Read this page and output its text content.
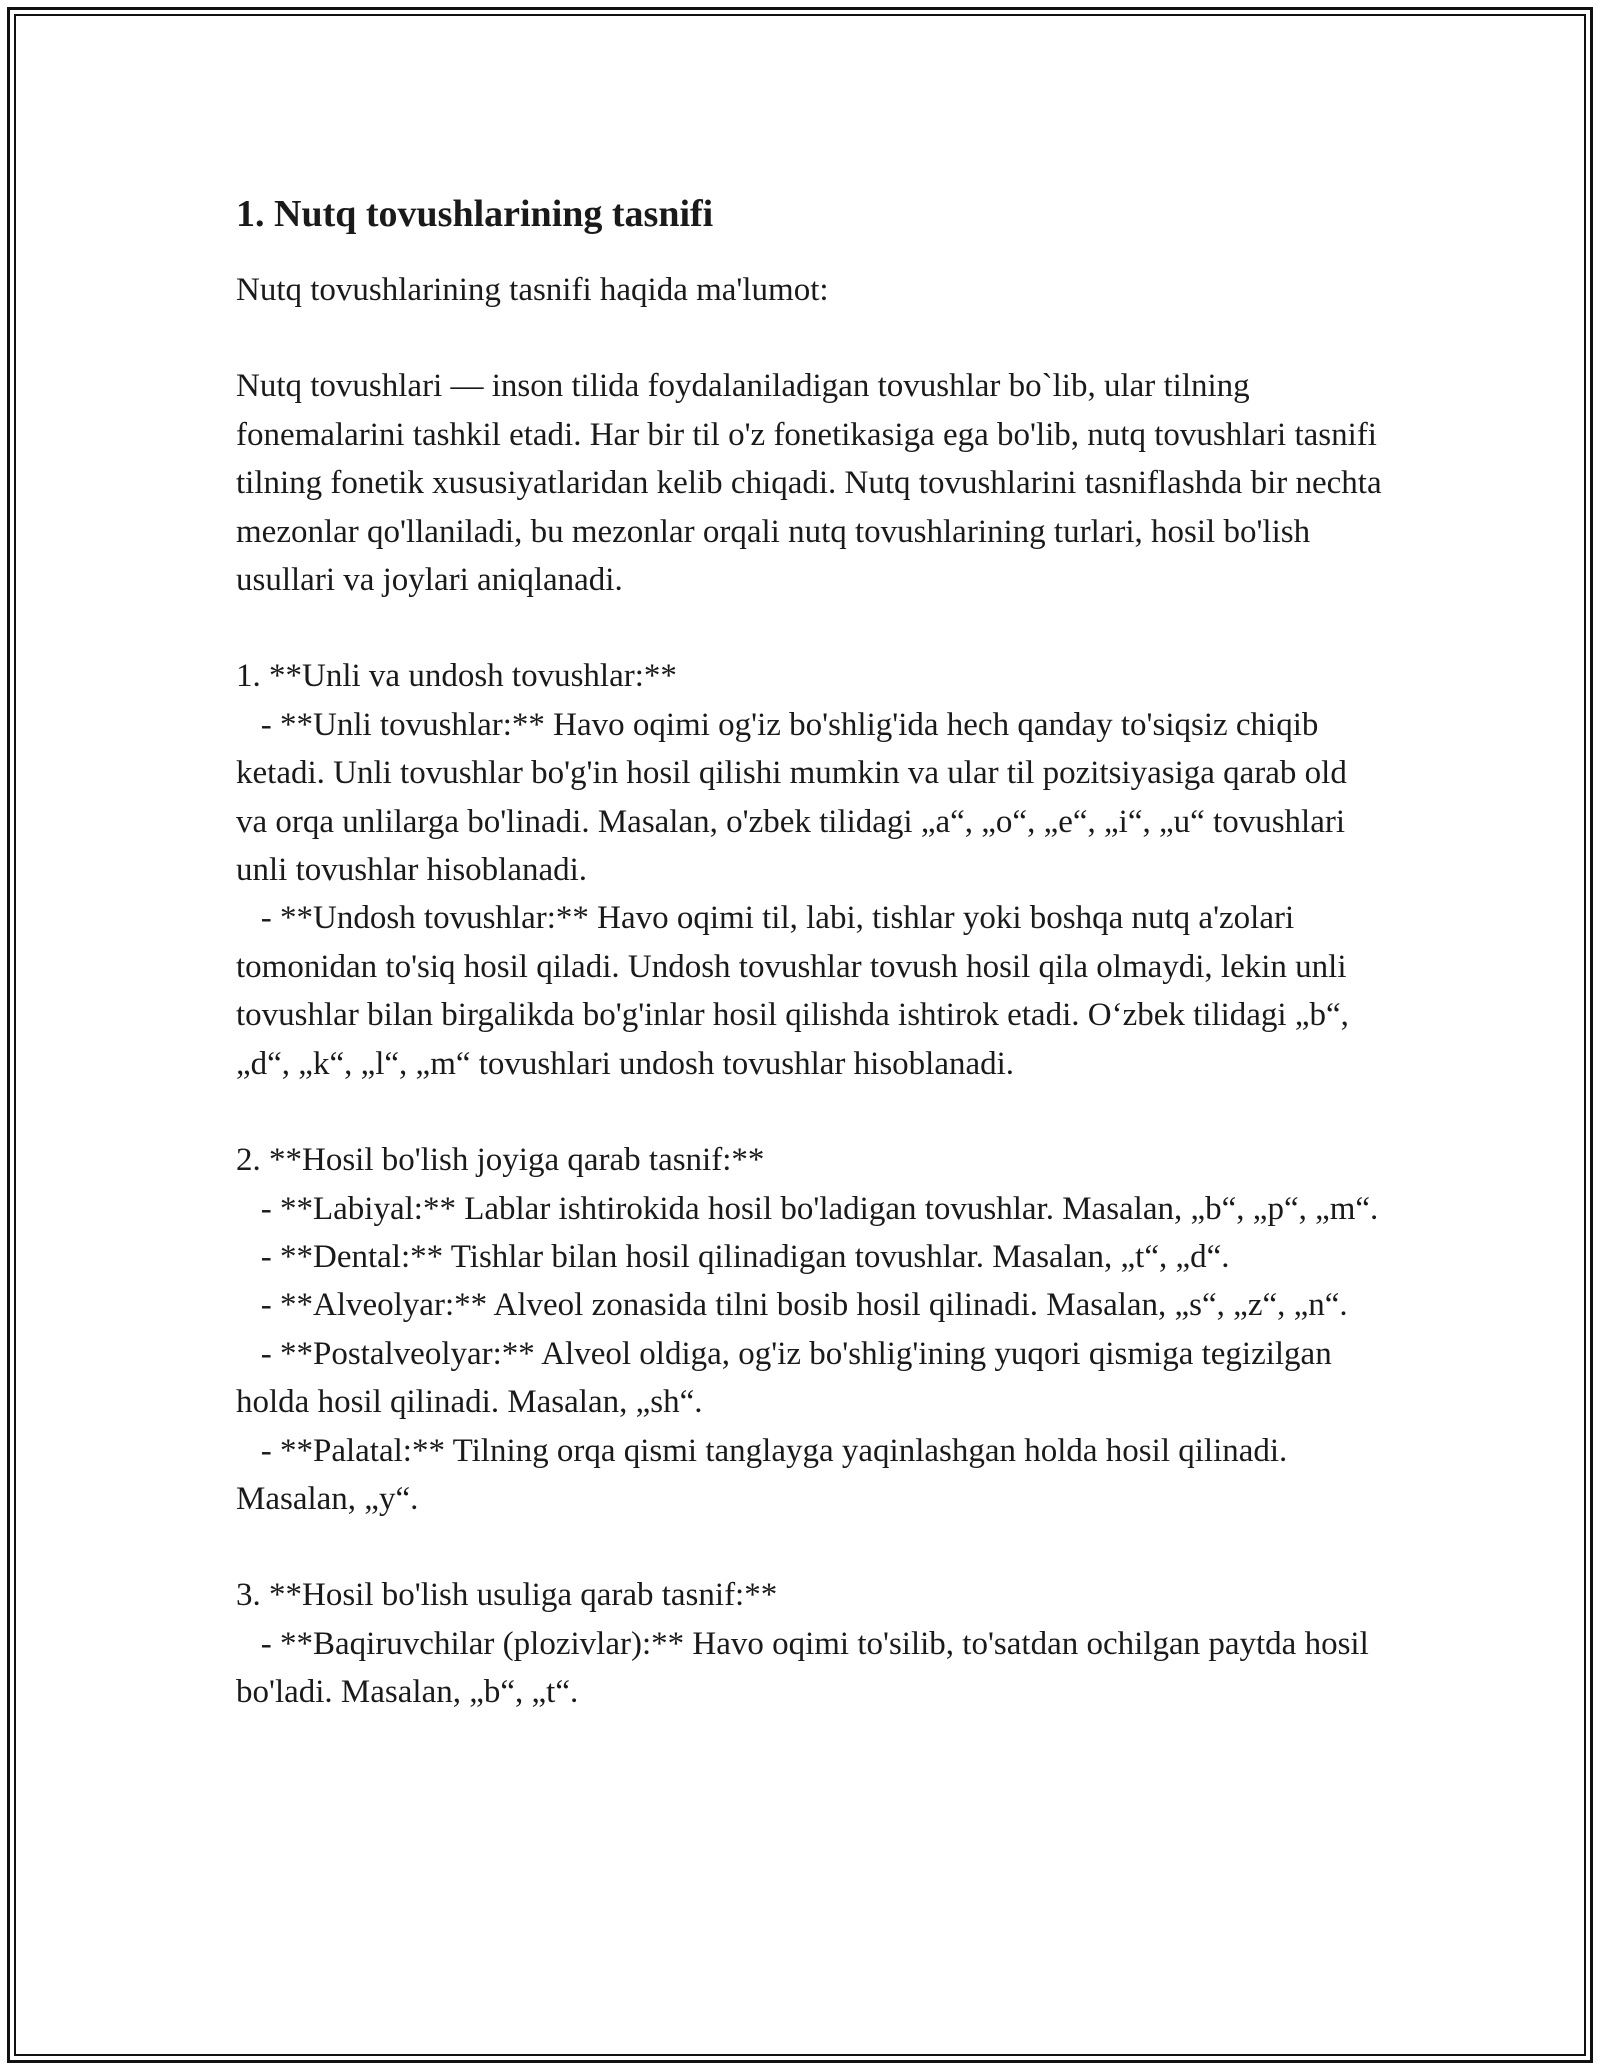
1. Nutq tovushlarining tasnifi

Nutq tovushlarining tasnifi haqida ma'lumot:

Nutq tovushlari — inson tilida foydalaniladigan tovushlar bo`lib, ular tilning fonemalarini tashkil etadi. Har bir til o'z fonetikasiga ega bo'lib, nutq tovushlari tasnifi tilning fonetik xususiyatlaridan kelib chiqadi. Nutq tovushlarini tasniflashda bir nechta mezonlar qo'llaniladi, bu mezonlar orqali nutq tovushlarining turlari, hosil bo'lish usullari va joylari aniqlanadi.

1. **Unli va undosh tovushlar:**
- **Unli tovushlar:** Havo oqimi og'iz bo'shlig'ida hech qanday to'siqsiz chiqib ketadi. Unli tovushlar bo'g'in hosil qilishi mumkin va ular til pozitsiyasiga qarab old va orqa unlilarga bo'linadi. Masalan, o'zbek tilidagi „a“, „o“, „e“, „i“, „u“ tovushlari unli tovushlar hisoblanadi.
- **Undosh tovushlar:** Havo oqimi til, labi, tishlar yoki boshqa nutq a'zolari tomonidan to'siq hosil qiladi. Undosh tovushlar tovush hosil qila olmaydi, lekin unli tovushlar bilan birgalikda bo'g'inlar hosil qilishda ishtirok etadi. O‘zbek tilidagi „b“, „d“, „k“, „l“, „m“ tovushlari undosh tovushlar hisoblanadi.

2. **Hosil bo'lish joyiga qarab tasnif:**
- **Labiyal:** Lablar ishtirokida hosil bo'ladigan tovushlar. Masalan, „b“, „p“, „m“.
- **Dental:** Tishlar bilan hosil qilinadigan tovushlar. Masalan, „t“, „d“.
- **Alveolyar:** Alveol zonasida tilni bosib hosil qilinadi. Masalan, „s“, „z“, „n“.
- **Postalveolyar:** Alveol oldiga, og'iz bo'shlig'ining yuqori qismiga tegizilgan holda hosil qilinadi. Masalan, „sh“.
- **Palatal:** Tilning orqa qismi tanglayga yaqinlashgan holda hosil qilinadi. Masalan, „y“.

3. **Hosil bo'lish usuliga qarab tasnif:**
- **Baqiruvchilar (plozivlar):** Havo oqimi to'silib, to'satdan ochilgan paytda hosil bo'ladi. Masalan, „b“, „t“.
